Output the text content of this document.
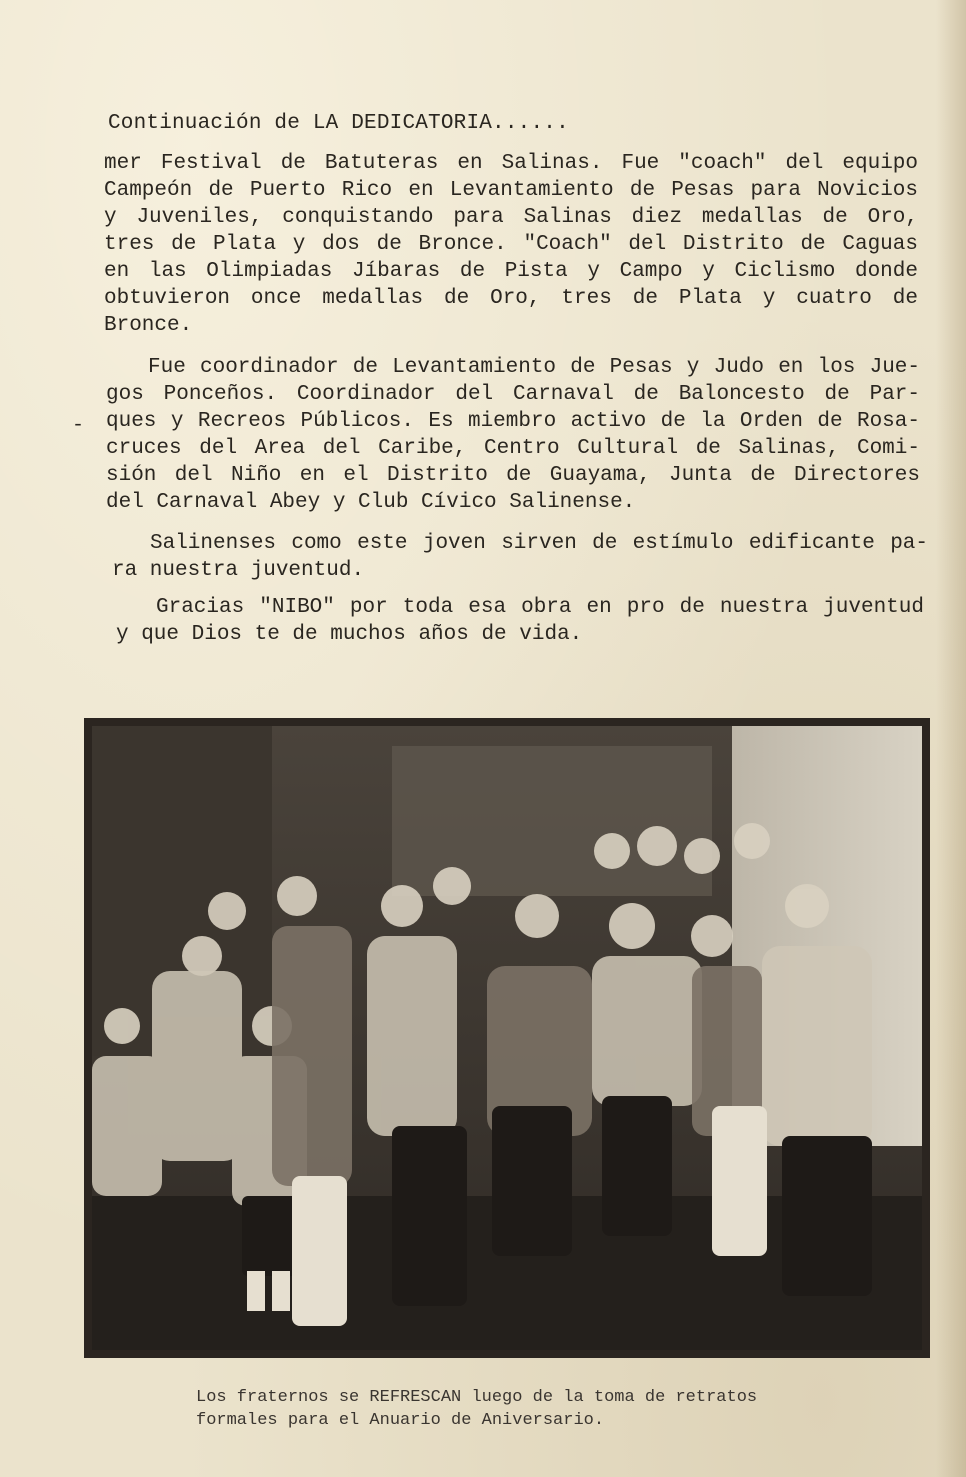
Continuación de LA DEDICATORIA......
mer Festival de Batuteras en Salinas. Fue "coach" del equipo
Campeón de Puerto Rico en Levantamiento de Pesas para Novicios
y Juveniles, conquistando para Salinas diez medallas de Oro,
tres de Plata y dos de Bronce. "Coach" del Distrito de Caguas
en las Olimpiadas Jíbaras de Pista y Campo y Ciclismo donde
obtuvieron once medallas de Oro, tres de Plata y cuatro de
Bronce.
-
Fue coordinador de Levantamiento de Pesas y Judo en los Jue-
gos Ponceños. Coordinador del Carnaval de Baloncesto de Par-
ques y Recreos Públicos. Es miembro activo de la Orden de Rosa-
cruces del Area del Caribe, Centro Cultural de Salinas, Comi-
sión del Niño en el Distrito de Guayama, Junta de Directores
del Carnaval Abey y Club Cívico Salinense.
Salinenses como este joven sirven de estímulo edificante pa-
ra nuestra juventud.
Gracias "NIBO" por toda esa obra en pro de nuestra juventud
y que Dios te de muchos años de vida.
Los fraternos se REFRESCAN luego de la toma de retratos
formales para el Anuario de Aniversario.
